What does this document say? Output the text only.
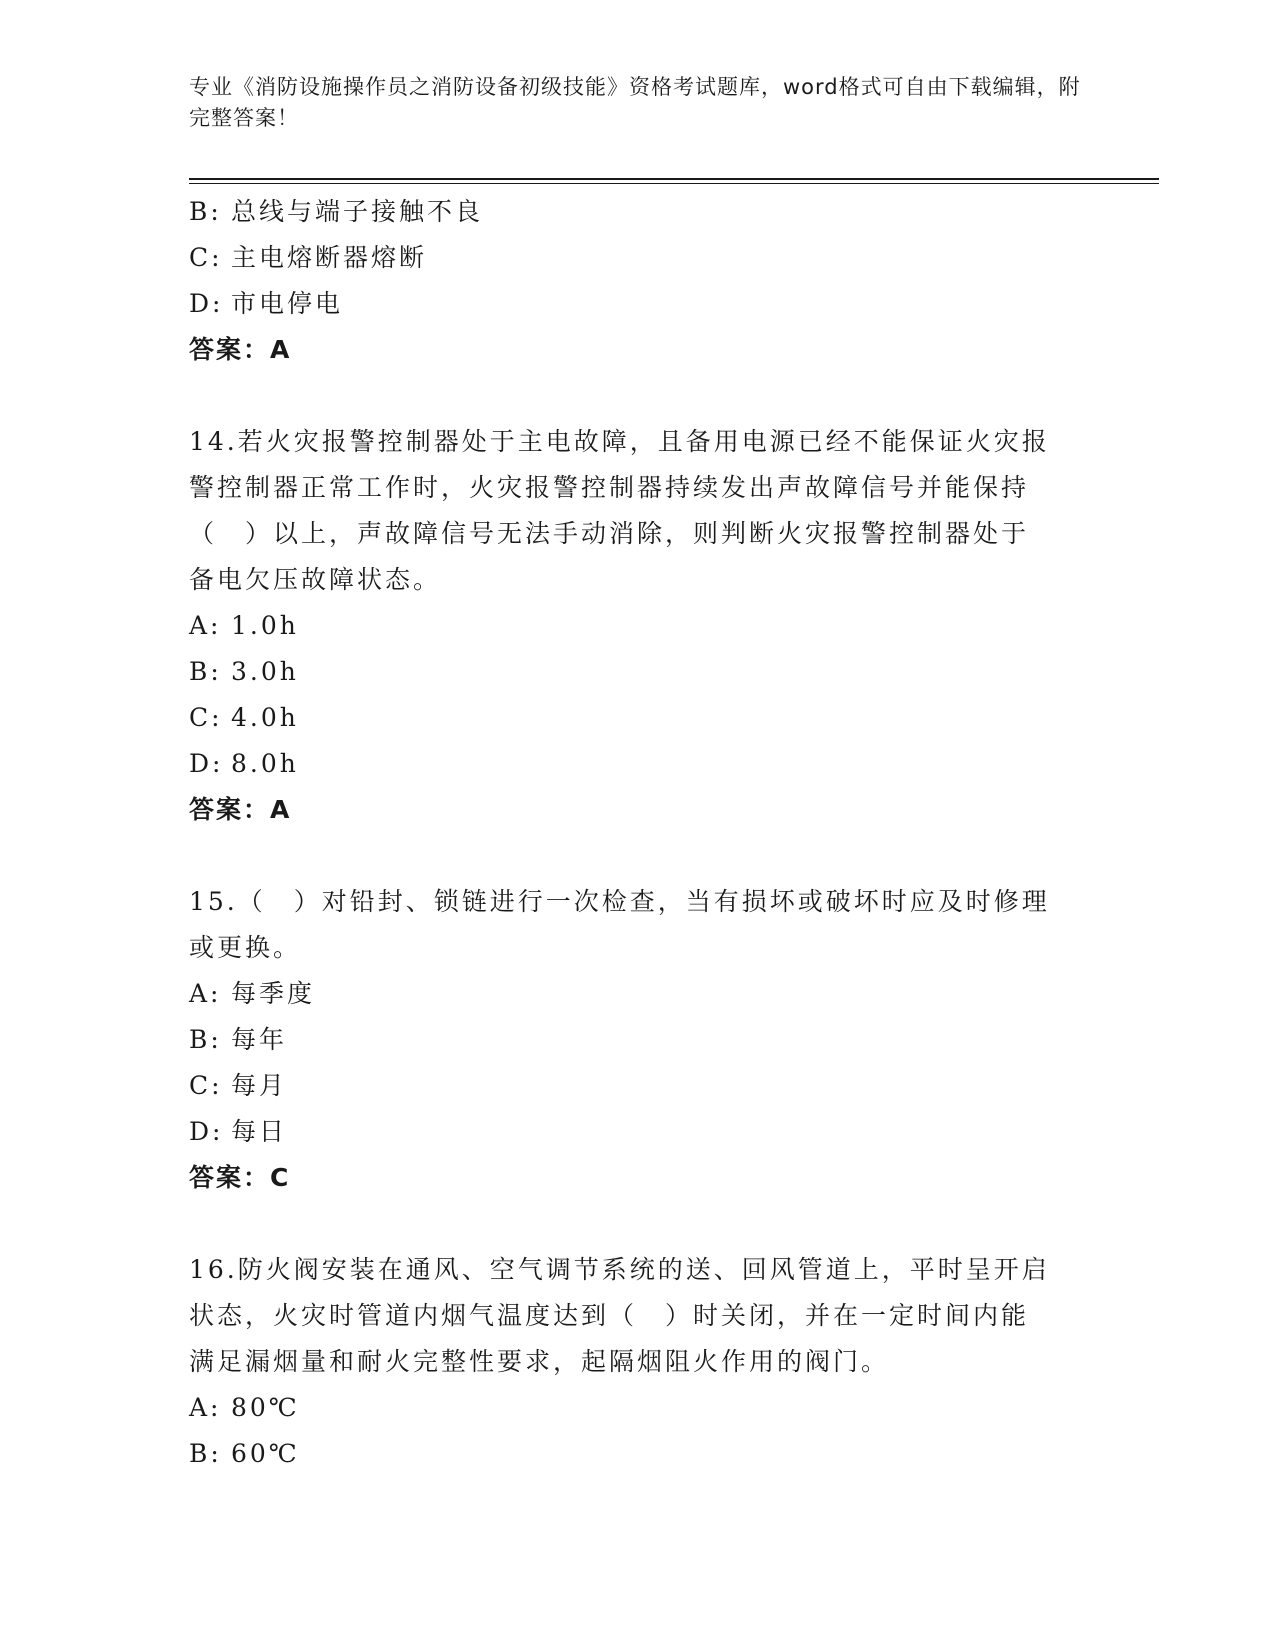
专业《消防设施操作员之消防设备初级技能》资格考试题库，word格式可自由下载编辑，附完整答案！
B: 总线与端子接触不良
C: 主电熔断器熔断
D: 市电停电
答案：A
14.若火灾报警控制器处于主电故障，且备用电源已经不能保证火灾报
警控制器正常工作时，火灾报警控制器持续发出声故障信号并能保持
（　）以上，声故障信号无法手动消除，则判断火灾报警控制器处于
备电欠压故障状态。
A: 1.0h
B: 3.0h
C: 4.0h
D: 8.0h
答案：A
15.（　）对铅封、锁链进行一次检查，当有损坏或破坏时应及时修理
或更换。
A: 每季度
B: 每年
C: 每月
D: 每日
答案：C
16.防火阀安装在通风、空气调节系统的送、回风管道上，平时呈开启
状态，火灾时管道内烟气温度达到（　）时关闭，并在一定时间内能
满足漏烟量和耐火完整性要求，起隔烟阻火作用的阀门。
A: 80℃
B: 60℃
